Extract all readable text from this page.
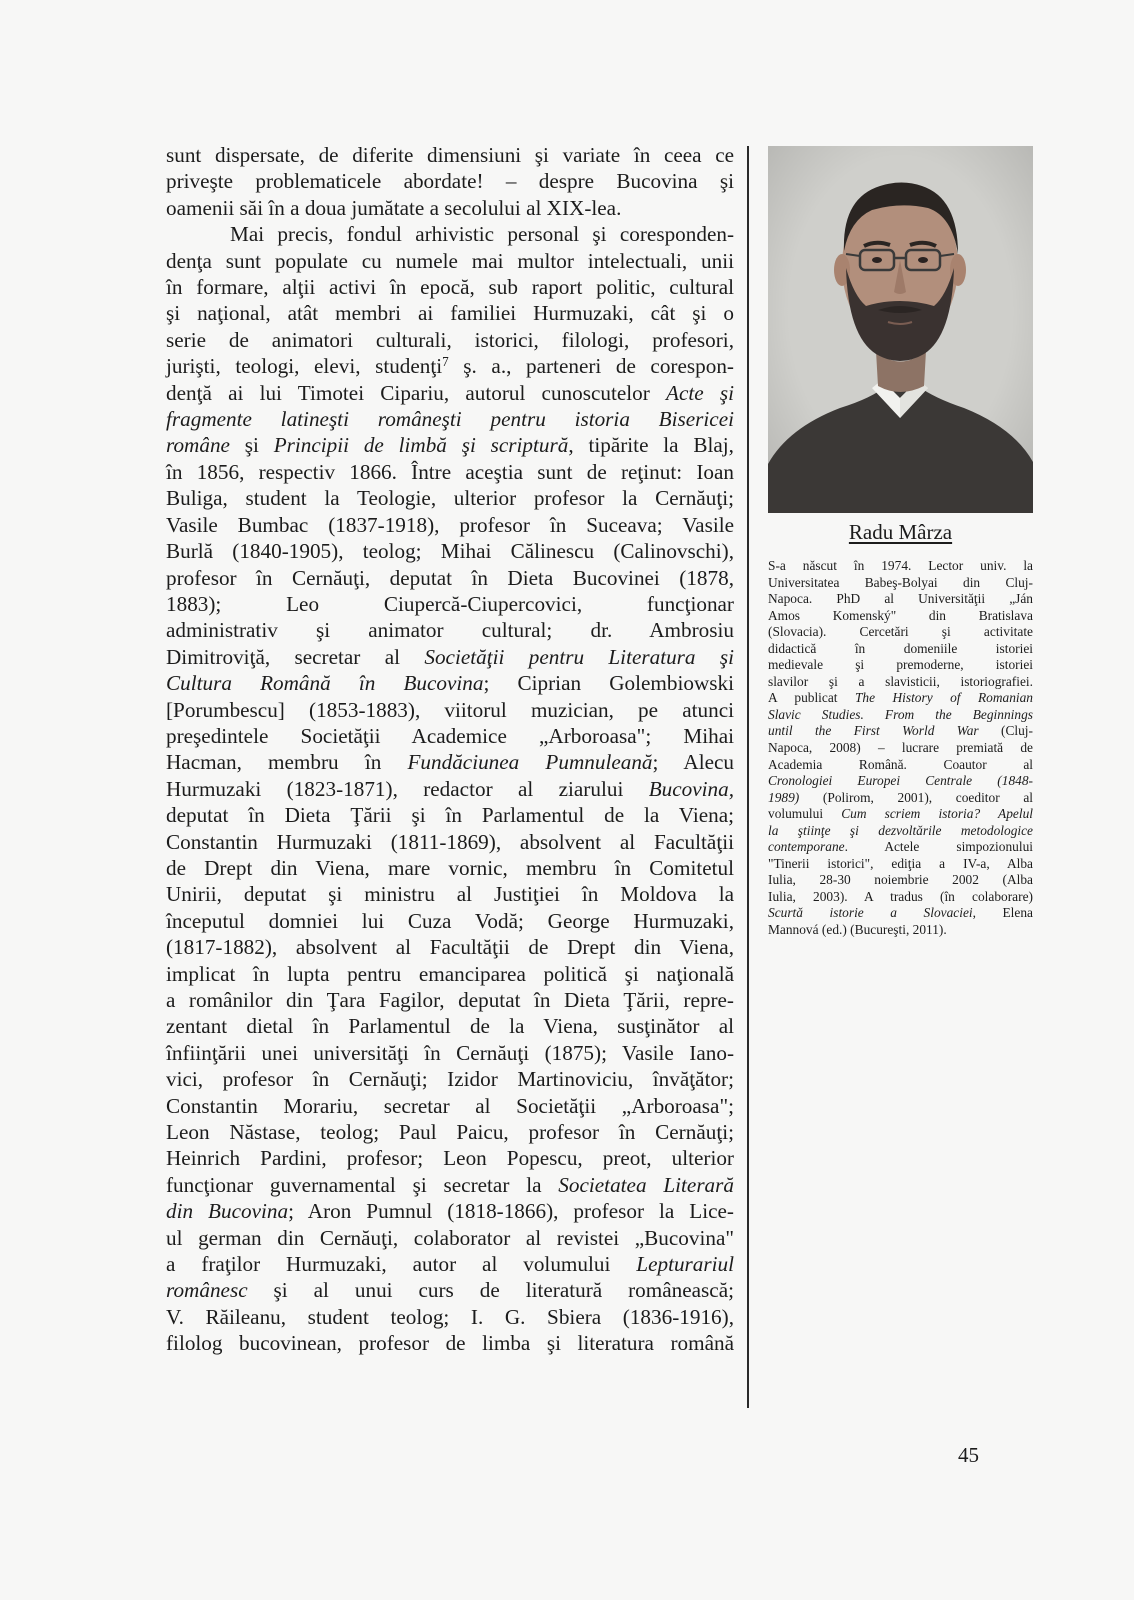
sunt dispersate, de diferite dimensiuni şi variate în ceea ce
priveşte problematicele abordate! – despre Bucovina şi
oamenii săi în a doua jumătate a secolului al XIX-lea.

Mai precis, fondul arhivistic personal şi coresponden-
denţa sunt populate cu numele mai multor intelectuali, unii
în formare, alţii activi în epocă, sub raport politic, cultural
şi naţional, atât membri ai familiei Hurmuzaki, cât şi o
serie de animatori culturali, istorici, filologi, profesori,
jurişti, teologi, elevi, studenţi$^7$ ş. a., parteneri de corespon-
denţă ai lui Timotei Cipariu, autorul cunoscutelor Acte şi
fragmente latineşti româneşti pentru istoria Bisericei
române şi Principii de limbă şi scriptură, tipărite la Blaj,
în 1856, respectiv 1866. Între aceştia sunt de reţinut: Ioan
Buliga, student la Teologie, ulterior profesor la Cernăuţi;
Vasile Bumbac (1837-1918), profesor în Suceava; Vasile
Burlă (1840-1905), teolog; Mihai Călinescu (Calinovschi),
profesor în Cernăuţi, deputat în Dieta Bucovinei (1878,
1883); Leo Ciupercă-Ciupercovici, funcţionar
administrativ şi animator cultural; dr. Ambrosiu
Dimitroviţă, secretar al Societăţii pentru Literatura şi
Cultura Română în Bucovina; Ciprian Golembiowski
[Porumbescu] (1853-1883), viitorul muzician, pe atunci
preşedintele Societăţii Academice „Arboroasa"; Mihai
Hacman, membru în Fundăciunea Pumnuleană; Alecu
Hurmuzaki (1823-1871), redactor al ziarului Bucovina,
deputat în Dieta Ţării şi în Parlamentul de la Viena;
Constantin Hurmuzaki (1811-1869), absolvent al Facultăţii
de Drept din Viena, mare vornic, membru în Comitetul
Unirii, deputat şi ministru al Justiţiei în Moldova la
începutul domniei lui Cuza Vodă; George Hurmuzaki,
(1817-1882), absolvent al Facultăţii de Drept din Viena,
implicat în lupta pentru emanciparea politică şi naţională
a românilor din Ţara Fagilor, deputat în Dieta Ţării, repre-
zentant dietal în Parlamentul de la Viena, susţinător al
înfiinţării unei universităţi în Cernăuţi (1875); Vasile Iano-
vici, profesor în Cernăuţi; Izidor Martinoviciu, învăţător;
Constantin Morariu, secretar al Societăţii „Arboroasa";
Leon Năstase, teolog; Paul Paicu, profesor în Cernăuţi;
Heinrich Pardini, profesor; Leon Popescu, preot, ulterior
funcţionar guvernamental şi secretar la Societatea Literară
din Bucovina; Aron Pumnul (1818-1866), profesor la Lice-
ul german din Cernăuţi, colaborator al revistei „Bucovina"
a fraţilor Hurmuzaki, autor al volumului Lepturariul
românesc şi al unui curs de literatură românească;
V. Răileanu, student teolog; I. G. Sbiera (1836-1916),
filolog bucovinean, profesor de limba şi literatura română

Radu Mârza
S-a născut în 1974. Lector univ. la
Universitatea Babeş-Bolyai din Cluj-
Napoca. PhD al Universităţii „Ján
Amos Komenský" din Bratislava
(Slovacia). Cercetări şi activitate
didactică în domeniile istoriei
medievale şi premoderne, istoriei
slavilor şi a slavisticii, istoriografiei.
A publicat The History of Romanian
Slavic Studies. From the Beginnings
until the First World War (Cluj-
Napoca, 2008) – lucrare premiată de
Academia Română. Coautor al
Cronologiei Europei Centrale (1848-
1989) (Polirom, 2001), coeditor al
volumului Cum scriem istoria? Apelul
la ştiinţe şi dezvoltările metodologice
contemporane. Actele simpozionului
"Tinerii istorici", ediţia a IV-a, Alba
Iulia, 28-30 noiembrie 2002 (Alba
Iulia, 2003). A tradus (în colaborare)
Scurtă istorie a Slovaciei, Elena
Mannová (ed.) (Bucureşti, 2011).
45
